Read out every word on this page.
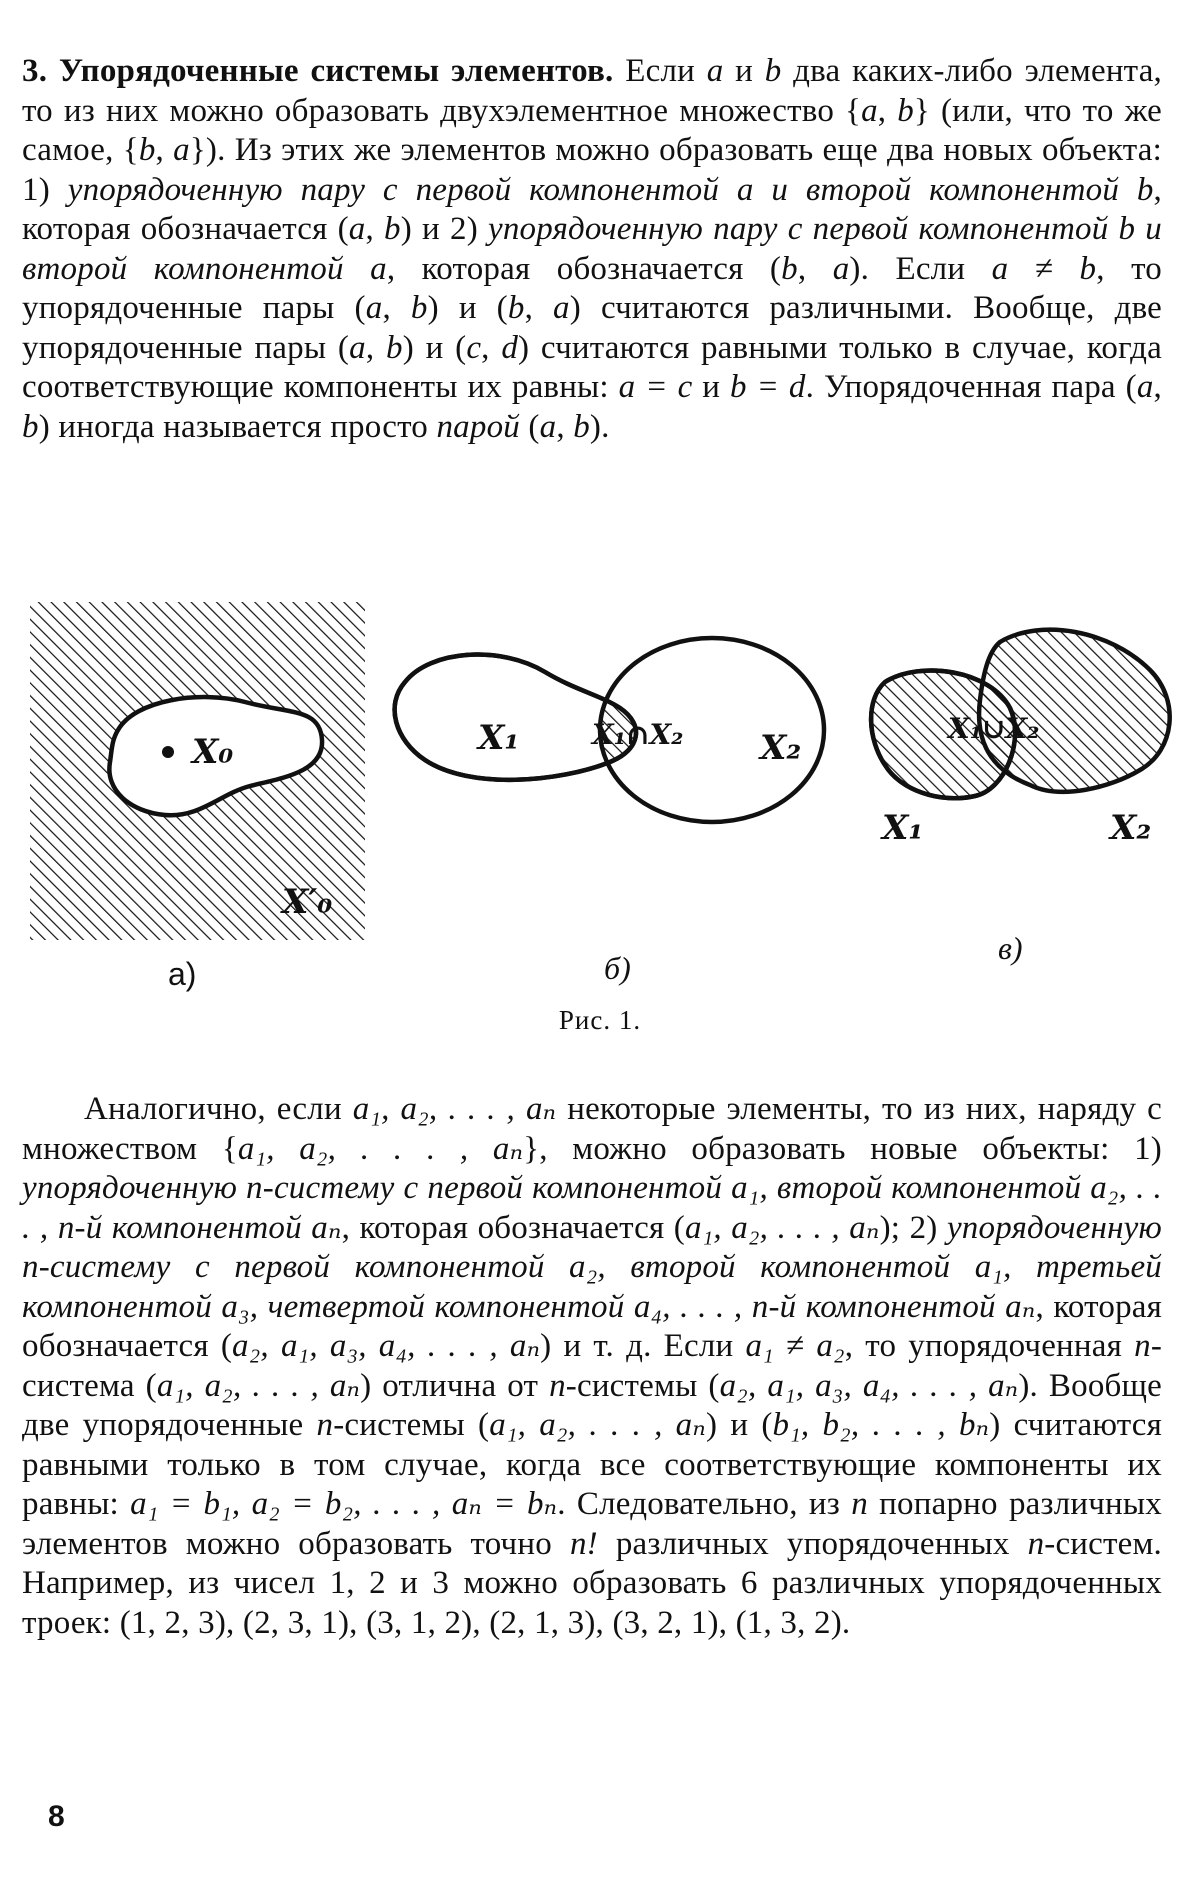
3. Упорядоченные системы элементов. Если a и b два каких-либо элемента, то из них можно образовать двухэлементное множество {a, b} (или, что то же самое, {b, a}). Из этих же элементов можно образовать еще два новых объекта: 1) упорядоченную пару с первой компонентой a и второй компонентой b, которая обозначается (a, b) и 2) упорядоченную пару с первой компонентой b и второй компонентой a, которая обозначается (b, a). Если a ≠ b, то упорядоченные пары (a, b) и (b, a) считаются различными. Вообще, две упорядоченные пары (a, b) и (c, d) считаются равными только в случае, когда соответствующие компоненты их равны: a = c и b = d. Упорядоченная пара (a, b) иногда называется просто парой (a, b).

X₀
X′₀
X₁	X₁∩X₂ X₂	X₁∪X₂
X₁	X₂
а)	б)
в)
Рис. 1.

Аналогично, если a₁, a₂, . . . , aₙ некоторые элементы, то из них, наряду с множеством {a₁, a₂, . . . , aₙ}, можно образовать новые объекты: 1) упорядоченную n-систему с первой компонентой a₁, второй компонентой a₂, . . . , n-й компонентой aₙ, которая обозначается (a₁, a₂, . . . , aₙ); 2) упорядоченную n-систему с первой компонентой a₂, второй компонентой a₁, третьей компонентой a₃, четвертой компонентой a₄, . . . , n-й компонентой aₙ, которая обозначается (a₂, a₁, a₃, a₄, . . . , aₙ) и т. д. Если a₁ ≠ a₂, то упорядоченная n-система (a₁, a₂, . . . , aₙ) отлична от n-системы (a₂, a₁, a₃, a₄, . . . , aₙ). Вообще две упорядоченные n-системы (a₁, a₂, . . . , aₙ) и (b₁, b₂, . . . , bₙ) считаются равными только в том случае, когда все соответствующие компоненты их равны: a₁ = b₁, a₂ = b₂, . . . , aₙ = bₙ. Следовательно, из n попарно различных элементов можно образовать точно n! различных упорядоченных n-систем. Например, из чисел 1, 2 и 3 можно образовать 6 различных упорядоченных троек: (1, 2, 3), (2, 3, 1), (3, 1, 2), (2, 1, 3), (3, 2, 1), (1, 3, 2).

8
